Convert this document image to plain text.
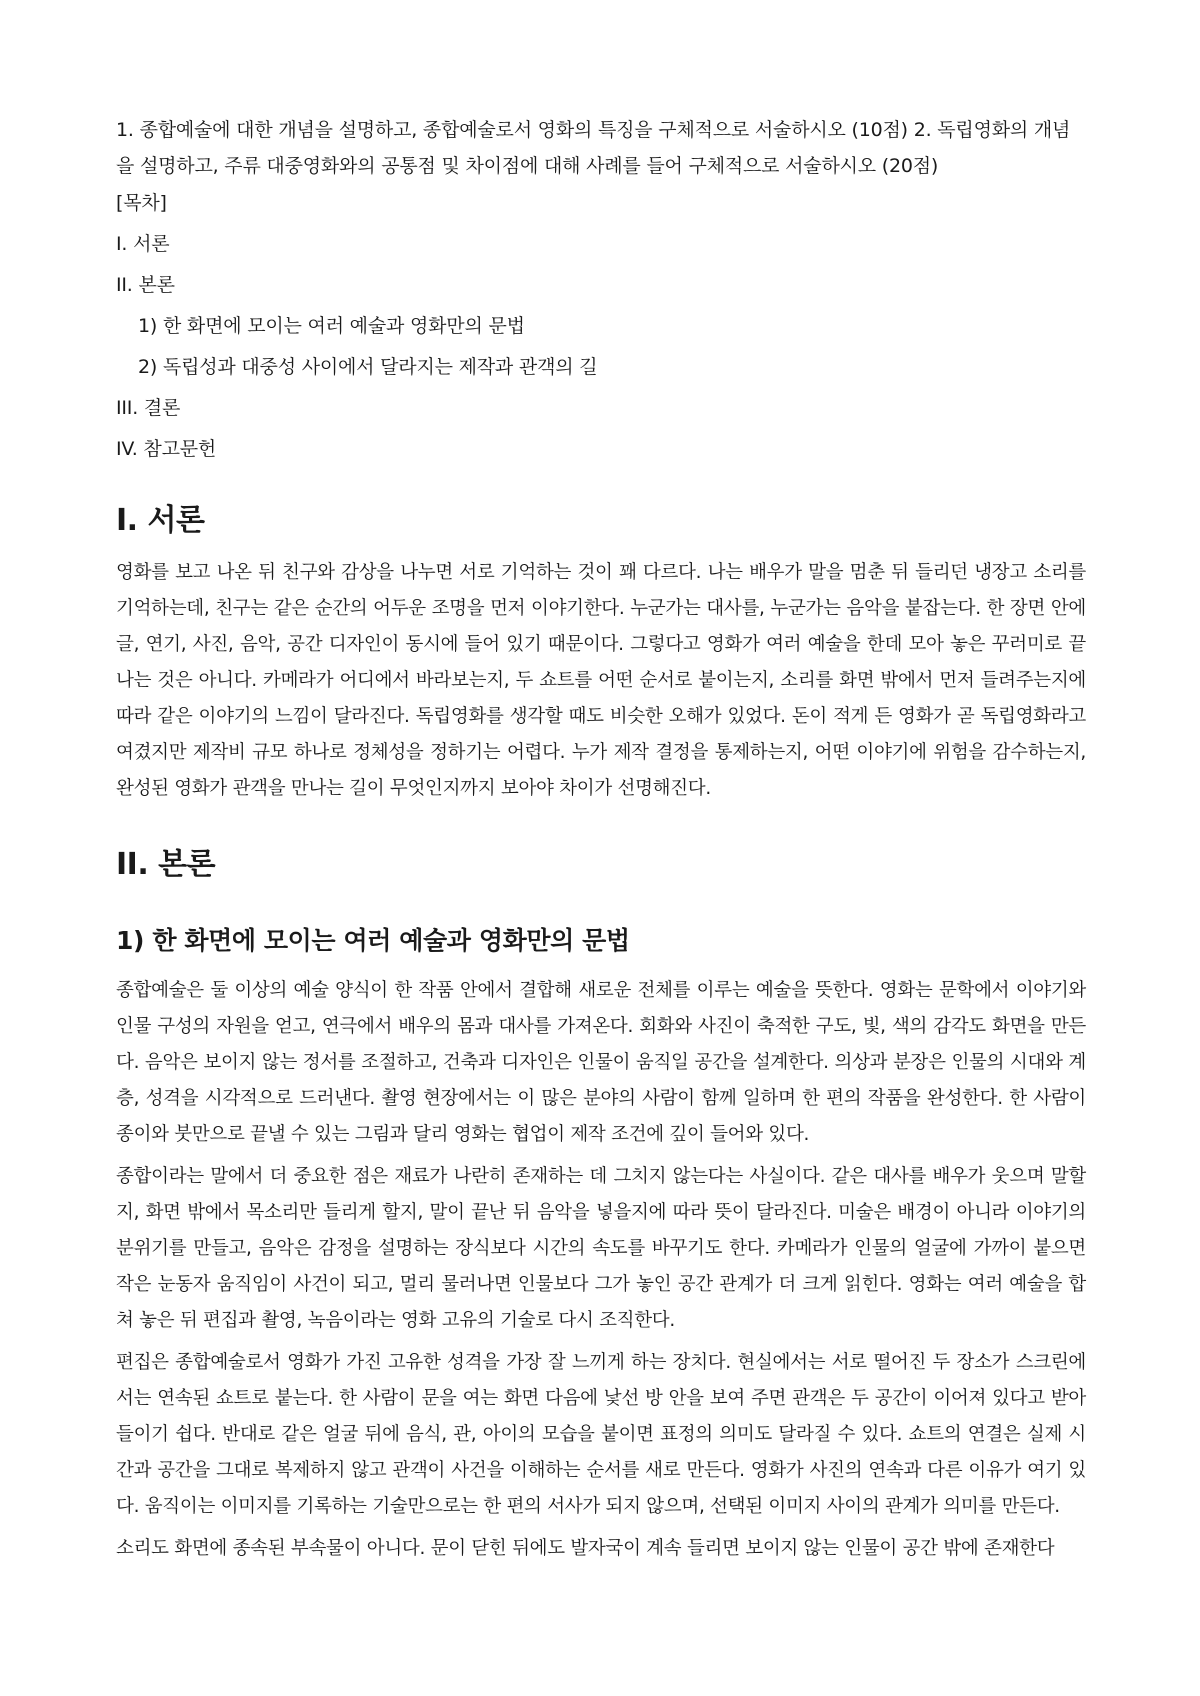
1. 종합예술에 대한 개념을 설명하고, 종합예술로서 영화의 특징을 구체적으로 서술하시오 (10점) 2. 독립영화의 개념을 설명하고, 주류 대중영화와의 공통점 및 차이점에 대해 사례를 들어 구체적으로 서술하시오 (20점)

[목차]
I. 서론
II. 본론
1) 한 화면에 모이는 여러 예술과 영화만의 문법
2) 독립성과 대중성 사이에서 달라지는 제작과 관객의 길
III. 결론
IV. 참고문헌
I. 서론

영화를 보고 나온 뒤 친구와 감상을 나누면 서로 기억하는 것이 꽤 다르다. 나는 배우가 말을 멈춘 뒤 들리던 냉장고 소리를 기억하는데, 친구는 같은 순간의 어두운 조명을 먼저 이야기한다. 누군가는 대사를, 누군가는 음악을 붙잡는다. 한 장면 안에 글, 연기, 사진, 음악, 공간 디자인이 동시에 들어 있기 때문이다. 그렇다고 영화가 여러 예술을 한데 모아 놓은 꾸러미로 끝나는 것은 아니다. 카메라가 어디에서 바라보는지, 두 쇼트를 어떤 순서로 붙이는지, 소리를 화면 밖에서 먼저 들려주는지에 따라 같은 이야기의 느낌이 달라진다. 독립영화를 생각할 때도 비슷한 오해가 있었다. 돈이 적게 든 영화가 곧 독립영화라고 여겼지만 제작비 규모 하나로 정체성을 정하기는 어렵다. 누가 제작 결정을 통제하는지, 어떤 이야기에 위험을 감수하는지, 완성된 영화가 관객을 만나는 길이 무엇인지까지 보아야 차이가 선명해진다.

II. 본론
1) 한 화면에 모이는 여러 예술과 영화만의 문법

종합예술은 둘 이상의 예술 양식이 한 작품 안에서 결합해 새로운 전체를 이루는 예술을 뜻한다. 영화는 문학에서 이야기와 인물 구성의 자원을 얻고, 연극에서 배우의 몸과 대사를 가져온다. 회화와 사진이 축적한 구도, 빛, 색의 감각도 화면을 만든다. 음악은 보이지 않는 정서를 조절하고, 건축과 디자인은 인물이 움직일 공간을 설계한다. 의상과 분장은 인물의 시대와 계층, 성격을 시각적으로 드러낸다. 촬영 현장에서는 이 많은 분야의 사람이 함께 일하며 한 편의 작품을 완성한다. 한 사람이 종이와 붓만으로 끝낼 수 있는 그림과 달리 영화는 협업이 제작 조건에 깊이 들어와 있다.

종합이라는 말에서 더 중요한 점은 재료가 나란히 존재하는 데 그치지 않는다는 사실이다. 같은 대사를 배우가 웃으며 말할지, 화면 밖에서 목소리만 들리게 할지, 말이 끝난 뒤 음악을 넣을지에 따라 뜻이 달라진다. 미술은 배경이 아니라 이야기의 분위기를 만들고, 음악은 감정을 설명하는 장식보다 시간의 속도를 바꾸기도 한다. 카메라가 인물의 얼굴에 가까이 붙으면 작은 눈동자 움직임이 사건이 되고, 멀리 물러나면 인물보다 그가 놓인 공간 관계가 더 크게 읽힌다. 영화는 여러 예술을 합쳐 놓은 뒤 편집과 촬영, 녹음이라는 영화 고유의 기술로 다시 조직한다.

편집은 종합예술로서 영화가 가진 고유한 성격을 가장 잘 느끼게 하는 장치다. 현실에서는 서로 떨어진 두 장소가 스크린에서는 연속된 쇼트로 붙는다. 한 사람이 문을 여는 화면 다음에 낯선 방 안을 보여 주면 관객은 두 공간이 이어져 있다고 받아들이기 쉽다. 반대로 같은 얼굴 뒤에 음식, 관, 아이의 모습을 붙이면 표정의 의미도 달라질 수 있다. 쇼트의 연결은 실제 시간과 공간을 그대로 복제하지 않고 관객이 사건을 이해하는 순서를 새로 만든다. 영화가 사진의 연속과 다른 이유가 여기 있다. 움직이는 이미지를 기록하는 기술만으로는 한 편의 서사가 되지 않으며, 선택된 이미지 사이의 관계가 의미를 만든다.

소리도 화면에 종속된 부속물이 아니다. 문이 닫힌 뒤에도 발자국이 계속 들리면 보이지 않는 인물이 공간 밖에 존재한다
